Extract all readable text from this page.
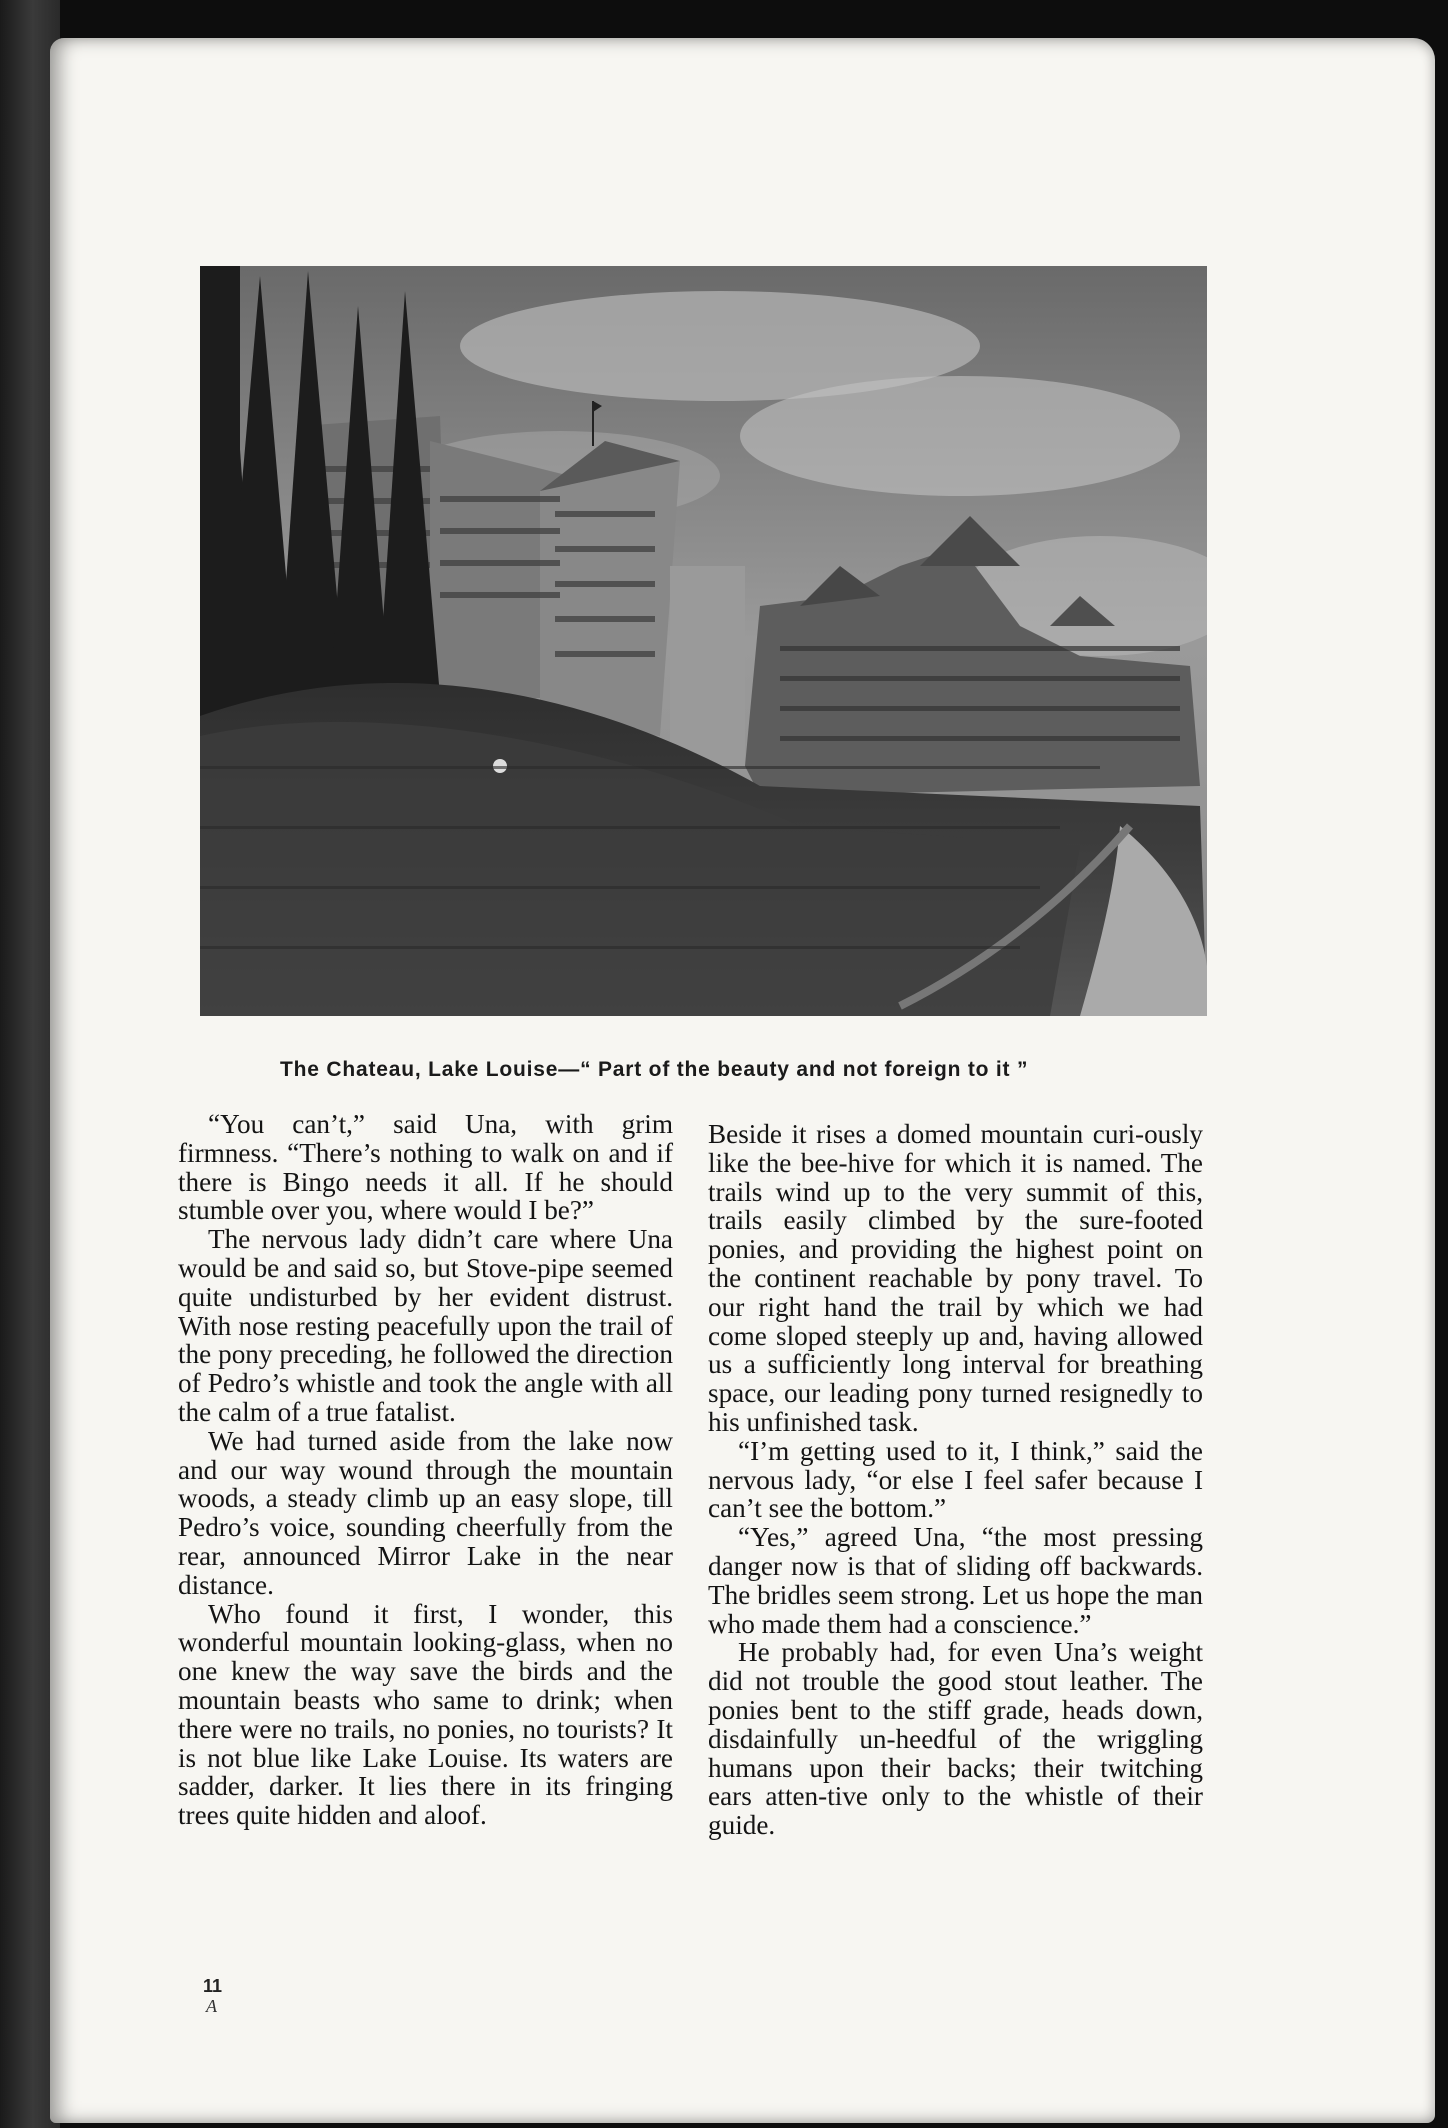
The Chateau, Lake Louise—“ Part of the beauty and not foreign to it ”

“You can’t,” said Una, with grim firmness. “There’s nothing to walk on and if there is Bingo needs it all. If he should stumble over you, where would I be?”

The nervous lady didn’t care where Una would be and said so, but Stove-pipe seemed quite undisturbed by her evident distrust. With nose resting peacefully upon the trail of the pony preceding, he followed the direction of Pedro’s whistle and took the angle with all the calm of a true fatalist.

We had turned aside from the lake now and our way wound through the mountain woods, a steady climb up an easy slope, till Pedro’s voice, sounding cheerfully from the rear, announced Mirror Lake in the near distance.

Who found it first, I wonder, this wonderful mountain looking-glass, when no one knew the way save the birds and the mountain beasts who same to drink; when there were no trails, no ponies, no tourists? It is not blue like Lake Louise. Its waters are sadder, darker. It lies there in its fringing trees quite hidden and aloof.

Beside it rises a domed mountain curi-ously like the bee-hive for which it is named. The trails wind up to the very summit of this, trails easily climbed by the sure-footed ponies, and providing the highest point on the continent reachable by pony travel. To our right hand the trail by which we had come sloped steeply up and, having allowed us a sufficiently long interval for breathing space, our leading pony turned resignedly to his unfinished task.

“I’m getting used to it, I think,” said the nervous lady, “or else I feel safer because I can’t see the bottom.”

“Yes,” agreed Una, “the most pressing danger now is that of sliding off backwards. The bridles seem strong. Let us hope the man who made them had a conscience.”

He probably had, for even Una’s weight did not trouble the good stout leather. The ponies bent to the stiff grade, heads down, disdainfully un-heedful of the wriggling humans upon their backs; their twitching ears atten-tive only to the whistle of their guide.

11
A
